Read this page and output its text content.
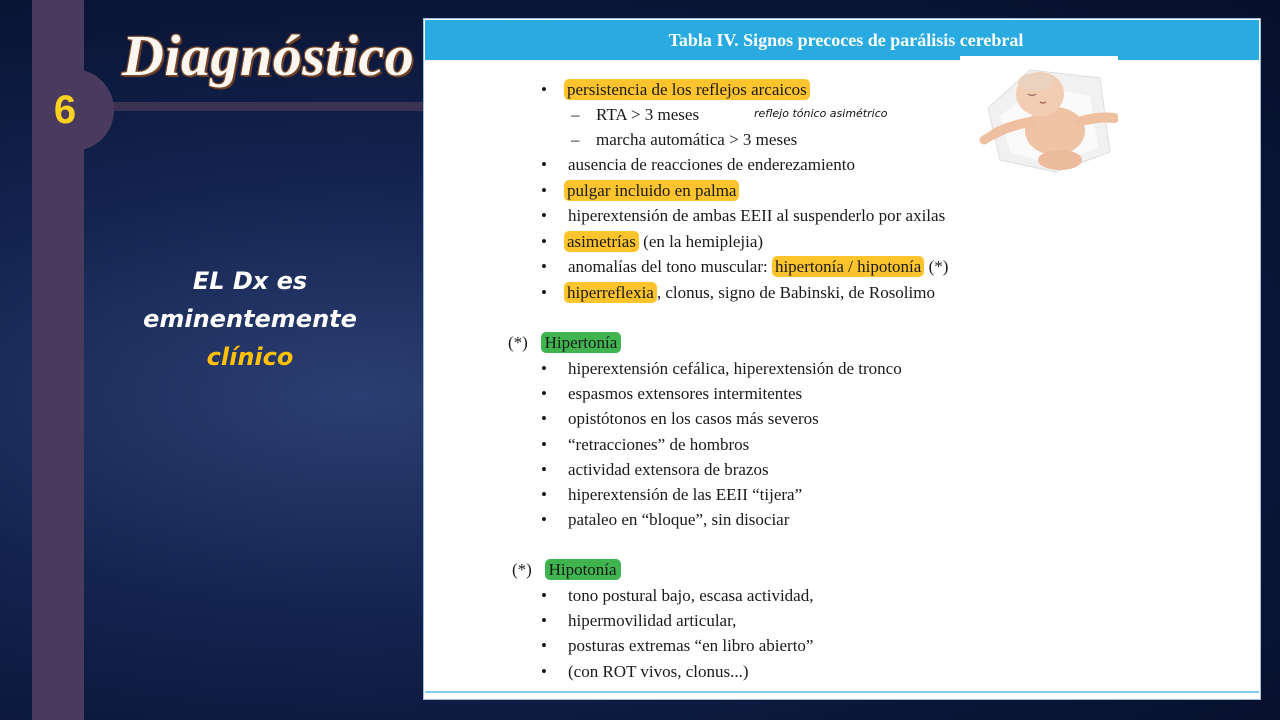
6
Diagnóstico
EL Dx es
eminentemente
clínico
Tabla IV. Signos precoces de parálisis cerebral
reflejo tónico asimétrico
• persistencia de los reflejos arcaicos
– RTA > 3 meses
– marcha automática > 3 meses
• ausencia de reacciones de enderezamiento
• pulgar incluido en palma
• hiperextensión de ambas EEII al suspenderlo por axilas
• asimetrías (en la hemiplejia)
• anomalías del tono muscular: hipertonía / hipotonía (*)
• hiperreflexia , clonus, signo de Babinski, de Rosolimo
(*) Hipertonía
• hiperextensión cefálica, hiperextensión de tronco
• espasmos extensores intermitentes
• opistótonos en los casos más severos
• “retracciones” de hombros
• actividad extensora de brazos
• hiperextensión de las EEII “tijera”
• pataleo en “bloque”, sin disociar
(*) Hipotonía
• tono postural bajo, escasa actividad,
• hipermovilidad articular,
• posturas extremas “en libro abierto”
• (con ROT vivos, clonus...)
